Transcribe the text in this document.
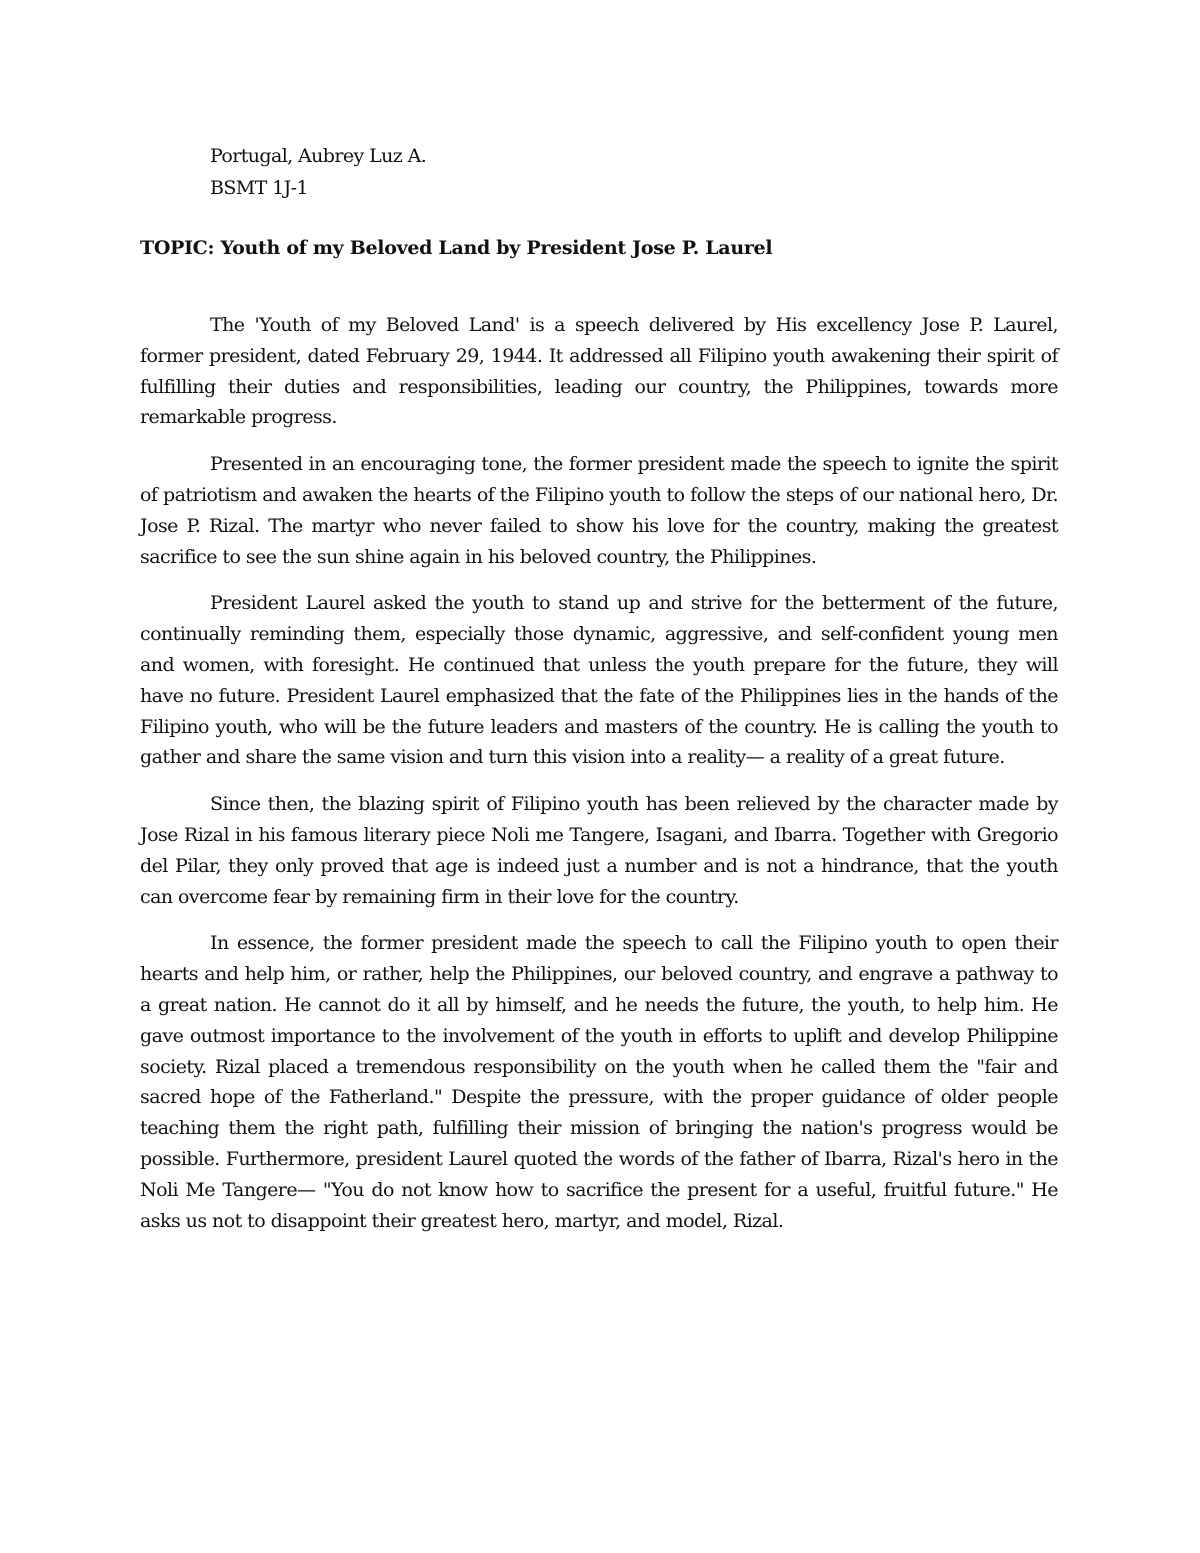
Portugal, Aubrey Luz A.
BSMT 1J-1
TOPIC: Youth of my Beloved Land by President Jose P. Laurel

The 'Youth of my Beloved Land' is a speech delivered by His excellency Jose P. Laurel, former president, dated February 29, 1944. It addressed all Filipino youth awakening their spirit of fulfilling their duties and responsibilities, leading our country, the Philippines, towards more remarkable progress.

Presented in an encouraging tone, the former president made the speech to ignite the spirit of patriotism and awaken the hearts of the Filipino youth to follow the steps of our national hero, Dr. Jose P. Rizal. The martyr who never failed to show his love for the country, making the greatest sacrifice to see the sun shine again in his beloved country, the Philippines.

President Laurel asked the youth to stand up and strive for the betterment of the future, continually reminding them, especially those dynamic, aggressive, and self-confident young men and women, with foresight. He continued that unless the youth prepare for the future, they will have no future. President Laurel emphasized that the fate of the Philippines lies in the hands of the Filipino youth, who will be the future leaders and masters of the country. He is calling the youth to gather and share the same vision and turn this vision into a reality— a reality of a great future.

Since then, the blazing spirit of Filipino youth has been relieved by the character made by Jose Rizal in his famous literary piece Noli me Tangere, Isagani, and Ibarra. Together with Gregorio del Pilar, they only proved that age is indeed just a number and is not a hindrance, that the youth can overcome fear by remaining firm in their love for the country.

In essence, the former president made the speech to call the Filipino youth to open their hearts and help him, or rather, help the Philippines, our beloved country, and engrave a pathway to a great nation. He cannot do it all by himself, and he needs the future, the youth, to help him. He gave outmost importance to the involvement of the youth in efforts to uplift and develop Philippine society. Rizal placed a tremendous responsibility on the youth when he called them the "fair and sacred hope of the Fatherland." Despite the pressure, with the proper guidance of older people teaching them the right path, fulfilling their mission of bringing the nation's progress would be possible. Furthermore, president Laurel quoted the words of the father of Ibarra, Rizal's hero in the Noli Me Tangere— "You do not know how to sacrifice the present for a useful, fruitful future." He asks us not to disappoint their greatest hero, martyr, and model, Rizal.
